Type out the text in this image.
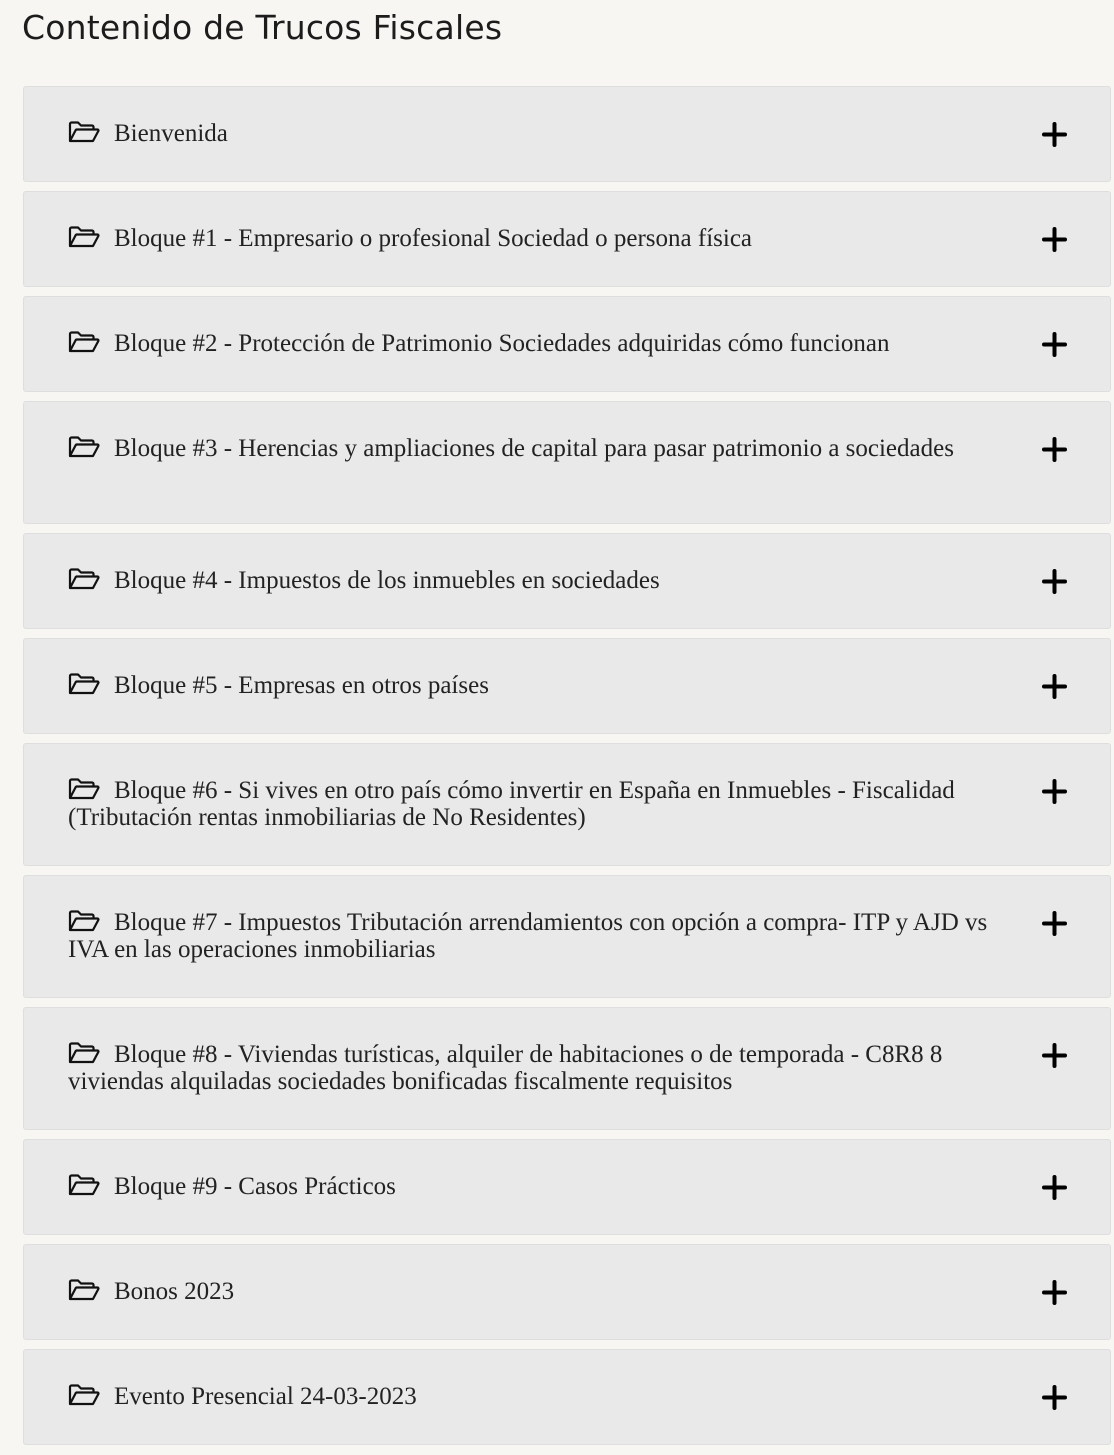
Contenido de Trucos Fiscales
Bienvenida
Bloque #1 - Empresario o profesional Sociedad o persona física
Bloque #2 - Protección de Patrimonio Sociedades adquiridas cómo funcionan
Bloque #3 - Herencias y ampliaciones de capital para pasar patrimonio a sociedades
Bloque #4 - Impuestos de los inmuebles en sociedades
Bloque #5 - Empresas en otros países
Bloque #6 - Si vives en otro país cómo invertir en España en Inmuebles - Fiscalidad (Tributación rentas inmobiliarias de No Residentes)
Bloque #7 - Impuestos Tributación arrendamientos con opción a compra- ITP y AJD vs IVA en las operaciones inmobiliarias
Bloque #8 - Viviendas turísticas, alquiler de habitaciones o de temporada - C8R8 8 viviendas alquiladas sociedades bonificadas fiscalmente requisitos
Bloque #9 - Casos Prácticos
Bonos 2023
Evento Presencial 24-03-2023
